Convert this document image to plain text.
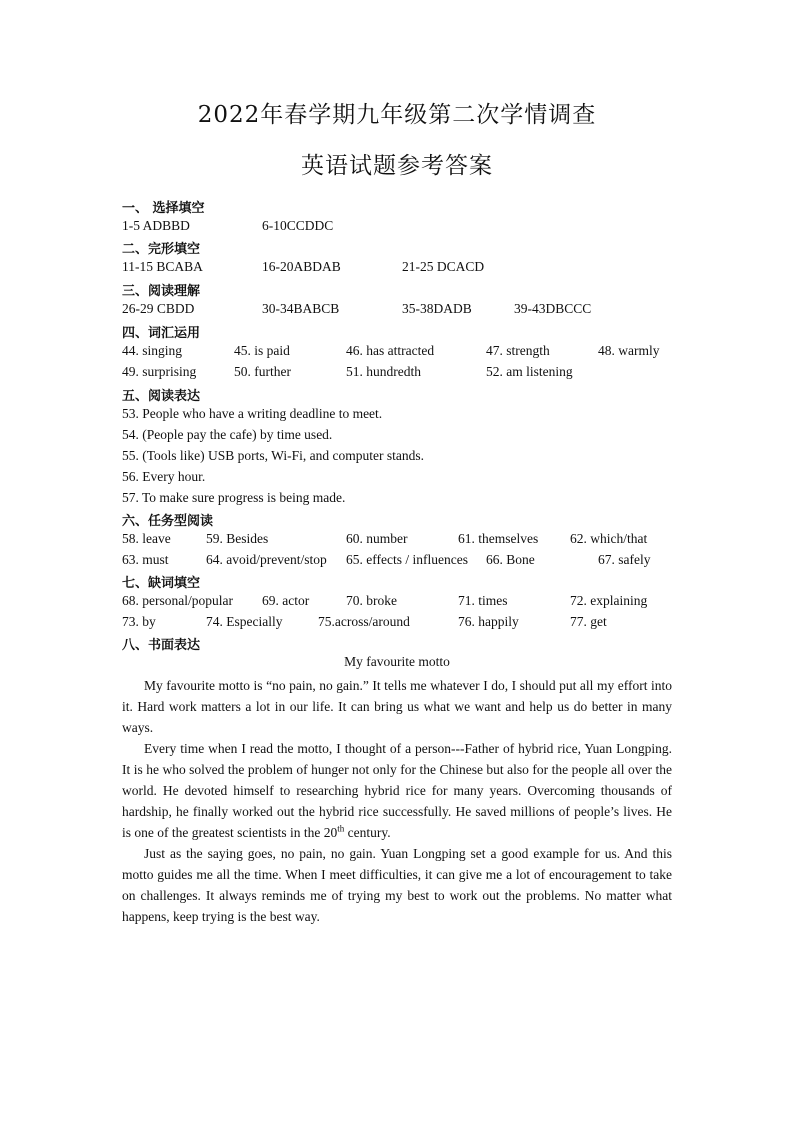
2022年春学期九年级第二次学情调查
英语试题参考答案
一、 选择填空
1-5 ADBBD	6-10CCDDC
二、完形填空
11-15 BCABA	16-20ABDAB	21-25 DCACD
三、阅读理解
26-29 CBDD	30-34BABCB	35-38DADB	39-43DBCCC
四、词汇运用
44. singing	45. is paid	46. has attracted	47. strength	48. warmly
49. surprising	50. further	51. hundredth	52. am listening
五、阅读表达
53. People who have a writing deadline to meet.
54. (People pay the cafe) by time used.
55. (Tools like) USB ports, Wi-Fi, and computer stands.
56. Every hour.
57. To make sure progress is being made.
六、任务型阅读
58. leave	59. Besides	60. number	61. themselves 62. which/that
63. must	64. avoid/prevent/stop 65. effects / influences 66. Bone	67. safely
七、缺词填空
68. personal/popular 69. actor	70. broke	71. times	72. explaining
73. by	74. Especially	75.across/around	76. happily	77. get
八、书面表达
My favourite motto

My favourite motto is “no pain, no gain.” It tells me whatever I do, I should put all my effort into it. Hard work matters a lot in our life. It can bring us what we want and help us do better in many ways.

Every time when I read the motto, I thought of a person---Father of hybrid rice, Yuan Longping. It is he who solved the problem of hunger not only for the Chinese but also for the people all over the world. He devoted himself to researching hybrid rice for many years. Overcoming thousands of hardship, he finally worked out the hybrid rice successfully. He saved millions of people’s lives. He is one of the greatest scientists in the 20th century.

Just as the saying goes, no pain, no gain. Yuan Longping set a good example for us. And this motto guides me all the time. When I meet difficulties, it can give me a lot of encouragement to take on challenges. It always reminds me of trying my best to work out the problems. No matter what happens, keep trying is the best way.
